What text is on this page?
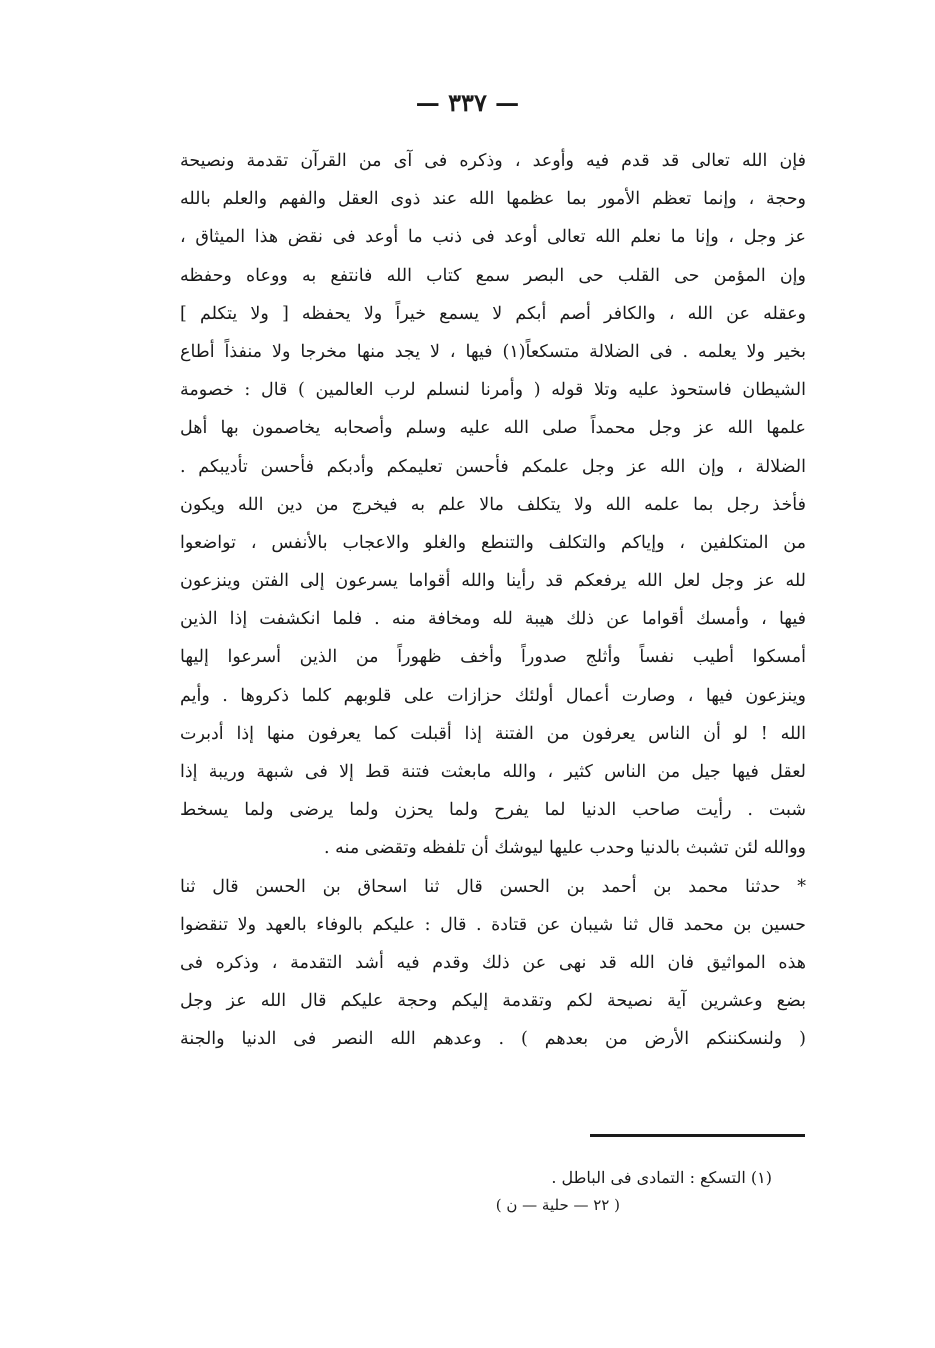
— ٣٣٧ —
فإن الله تعالى قد قدم فيه وأوعد ، وذكره فى آى من القرآن تقدمة ونصيحة
وحجة ، وإنما تعظم الأمور بما عظمها الله عند ذوى العقل والفهم والعلم بالله
عز وجل ، وإنا ما نعلم الله تعالى أوعد فى ذنب ما أوعد فى نقض هذا الميثاق ،
وإن المؤمن حى القلب حى البصر سمع كتاب الله فانتفع به ووعاه وحفظه
وعقله عن الله ، والكافر أصم أبكم لا يسمع خيراً ولا يحفظه [ ولا يتكلم ]
بخير ولا يعلمه . فى الضلالة متسكعاً(١) فيها ، لا يجد منها مخرجا ولا منفذاً أطاع
الشيطان فاستحوذ عليه وتلا قوله ( وأمرنا لنسلم لرب العالمين ) قال : خصومة
علمها الله عز وجل محمداً صلى الله عليه وسلم وأصحابه يخاصمون بها أهل
الضلالة ، وإن الله عز وجل علمكم فأحسن تعليمكم وأدبكم فأحسن تأديبكم .
فأخذ رجل بما علمه الله ولا يتكلف مالا علم به فيخرج من دين الله ويكون
من المتكلفين ، وإياكم والتكلف والتنطع والغلو والاعجاب بالأنفس ، تواضعوا
لله عز وجل لعل الله يرفعكم قد رأينا والله أقواما يسرعون إلى الفتن وينزعون
فيها ، وأمسك أقواما عن ذلك هيبة لله ومخافة منه . فلما انكشفت إذا الذين
أمسكوا أطيب نفساً وأثلج صدوراً وأخف ظهوراً من الذين أسرعوا إليها
وينزعون فيها ، وصارت أعمال أولئك حزازات على قلوبهم كلما ذكروها . وأيم
الله ! لو أن الناس يعرفون من الفتنة إذا أقبلت كما يعرفون منها إذا أدبرت
لعقل فيها جيل من الناس كثير ، والله مابعثت فتنة قط إلا فى شبهة وريبة إذا
شبت . رأيت صاحب الدنيا لما يفرح ولما يحزن ولما يرضى ولما يسخط
ووالله لئن تشبث بالدنيا وحدب عليها ليوشك أن تلفظه وتقضى منه .
* حدثنا محمد بن أحمد بن الحسن قال ثنا اسحاق بن الحسن قال ثنا
حسين بن محمد قال ثنا شيبان عن قتادة . قال : عليكم بالوفاء بالعهد ولا تنقضوا
هذه المواثيق فان الله قد نهى عن ذلك وقدم فيه أشد التقدمة ، وذكره فى
بضع وعشرين آية نصيحة لكم وتقدمة إليكم وحجة عليكم قال الله عز وجل
( ولنسكننكم الأرض من بعدهم ) . وعدهم الله النصر فى الدنيا والجنة
(١) التسكع : التمادى فى الباطل .
( ٢٢ — حلية — ن )
